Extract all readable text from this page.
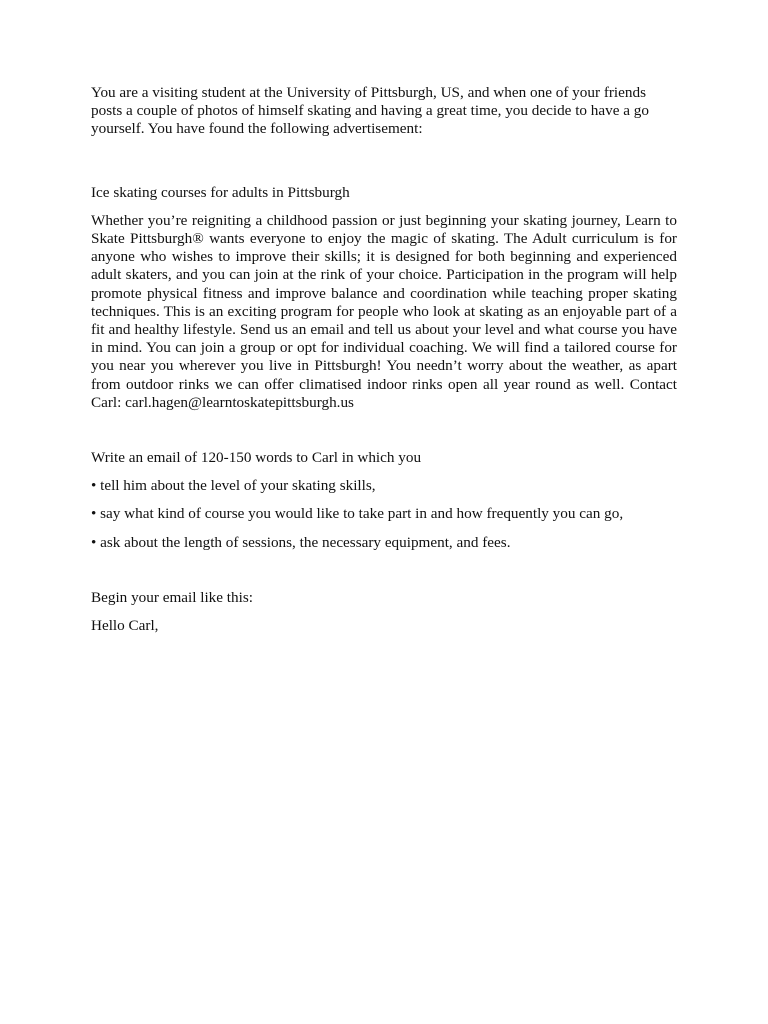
You are a visiting student at the University of Pittsburgh, US, and when one of your friends posts a couple of photos of himself skating and having a great time, you decide to have a go yourself. You have found the following advertisement:

Ice skating courses for adults in Pittsburgh

Whether you’re reigniting a childhood passion or just beginning your skating journey, Learn to Skate Pittsburgh® wants everyone to enjoy the magic of skating. The Adult curriculum is for anyone who wishes to improve their skills; it is designed for both beginning and experienced adult skaters, and you can join at the rink of your choice. Participation in the program will help promote physical fitness and improve balance and coordination while teaching proper skating techniques. This is an exciting program for people who look at skating as an enjoyable part of a fit and healthy lifestyle. Send us an email and tell us about your level and what course you have in mind. You can join a group or opt for individual coaching. We will find a tailored course for you near you wherever you live in Pittsburgh! You needn’t worry about the weather, as apart from outdoor rinks we can offer climatised indoor rinks open all year round as well. Contact Carl: carl.hagen@learntoskatepittsburgh.us

Write an email of 120-150 words to Carl in which you

• tell him about the level of your skating skills,

• say what kind of course you would like to take part in and how frequently you can go,

• ask about the length of sessions, the necessary equipment, and fees.

Begin your email like this:

Hello Carl,
